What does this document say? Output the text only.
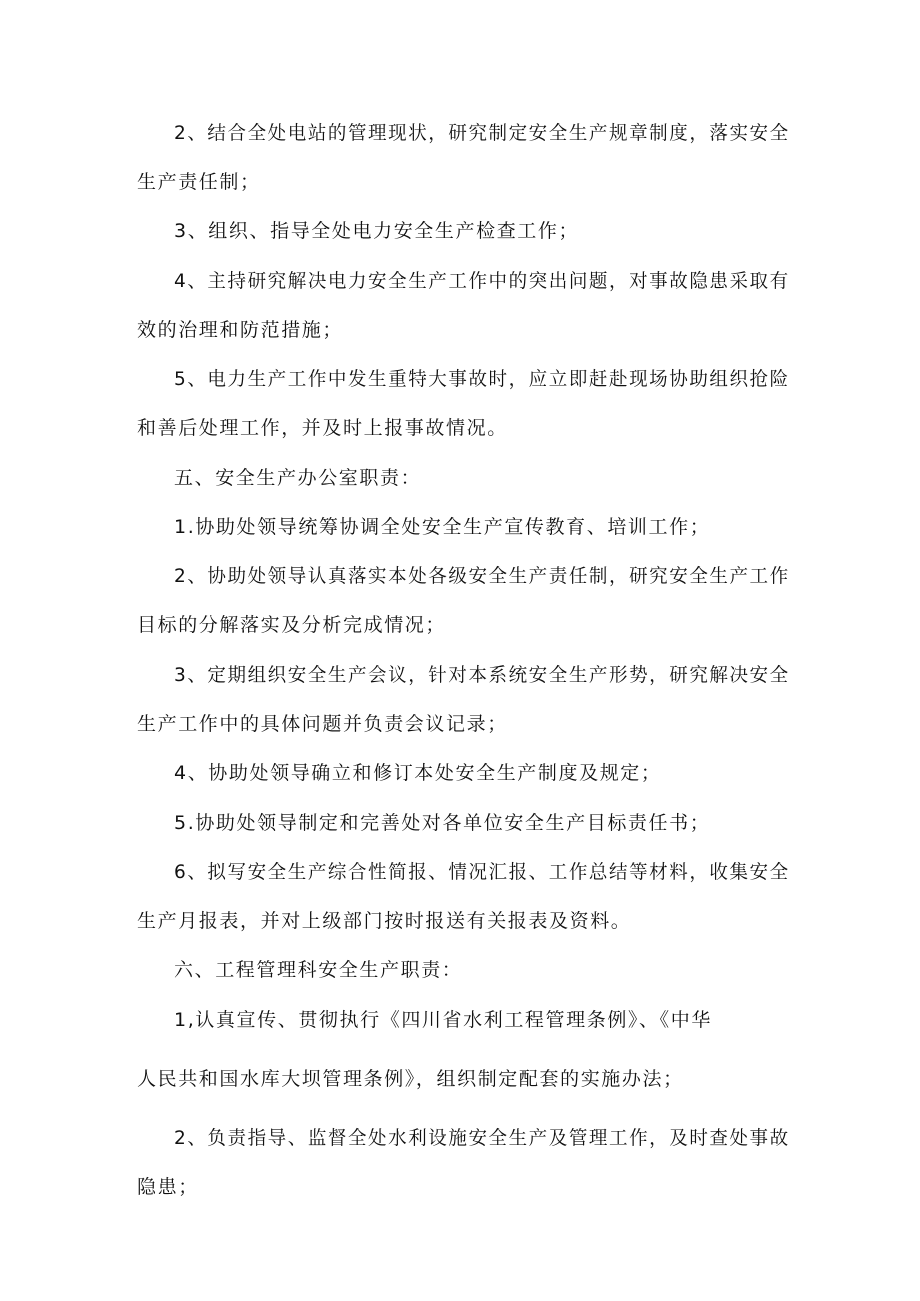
2、结合全处电站的管理现状，研究制定安全生产规章制度，落实安全
生产责任制；
3、组织、指导全处电力安全生产检查工作；
4、主持研究解决电力安全生产工作中的突出问题，对事故隐患采取有
效的治理和防范措施；
5、电力生产工作中发生重特大事故时，应立即赶赴现场协助组织抢险
和善后处理工作，并及时上报事故情况。
五、安全生产办公室职责：
1.协助处领导统筹协调全处安全生产宣传教育、培训工作；
2、协助处领导认真落实本处各级安全生产责任制，研究安全生产工作
目标的分解落实及分析完成情况；
3、定期组织安全生产会议，针对本系统安全生产形势，研究解决安全
生产工作中的具体问题并负责会议记录；
4、协助处领导确立和修订本处安全生产制度及规定；
5.协助处领导制定和完善处对各单位安全生产目标责任书；
6、拟写安全生产综合性简报、情况汇报、工作总结等材料，收集安全
生产月报表，并对上级部门按时报送有关报表及资料。
六、工程管理科安全生产职责：
1,认真宣传、贯彻执行《四川省水利工程管理条例》、《中华
人民共和国水库大坝管理条例》，组织制定配套的实施办法；
2、负责指导、监督全处水利设施安全生产及管理工作，及时查处事故
隐患；
